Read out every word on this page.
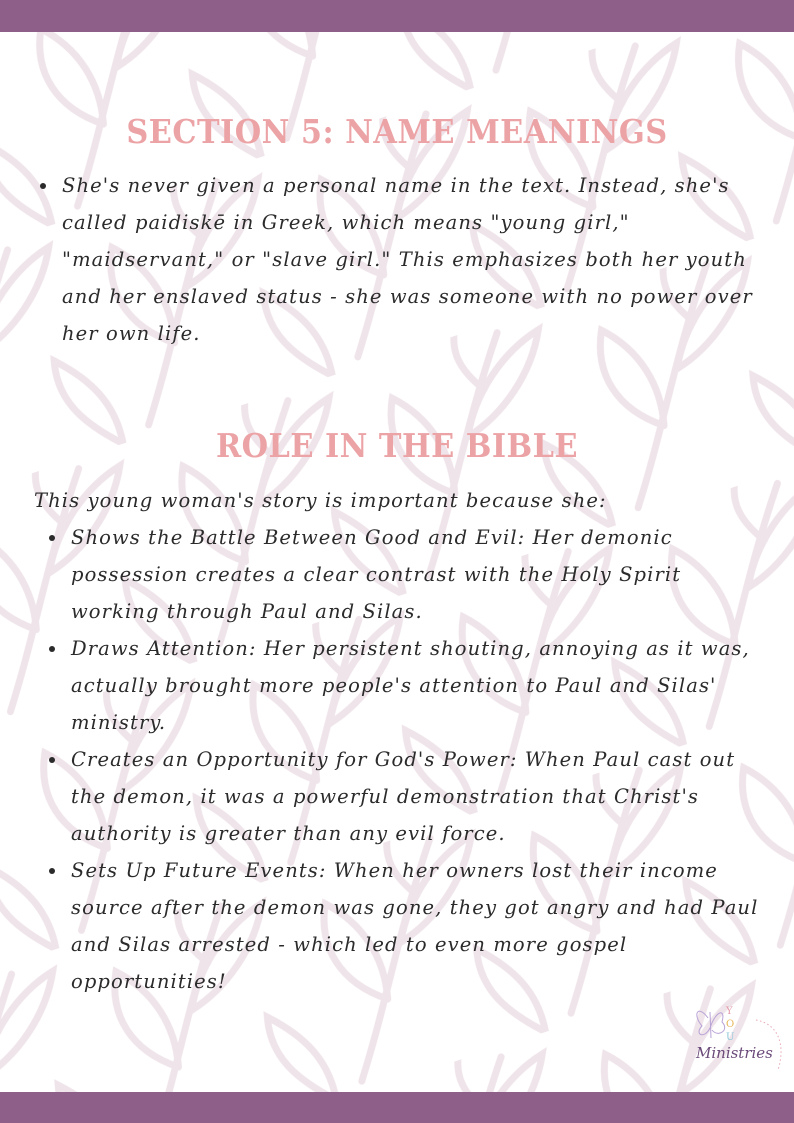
SECTION 5: NAME MEANINGS
She's never given a personal name in the text. Instead, she's called paidiskē in Greek, which means "young girl," "maidservant," or "slave girl." This emphasizes both her youth and her enslaved status - she was someone with no power over her own life.
ROLE IN THE BIBLE
This young woman's story is important because she:
Shows the Battle Between Good and Evil: Her demonic possession creates a clear contrast with the Holy Spirit working through Paul and Silas.
Draws Attention: Her persistent shouting, annoying as it was, actually brought more people's attention to Paul and Silas' ministry.
Creates an Opportunity for God's Power: When Paul cast out the demon, it was a powerful demonstration that Christ's authority is greater than any evil force.
Sets Up Future Events: When her owners lost their income source after the demon was gone, they got angry and had Paul and Silas arrested - which led to even more gospel opportunities!
Y
O
U
Ministries
